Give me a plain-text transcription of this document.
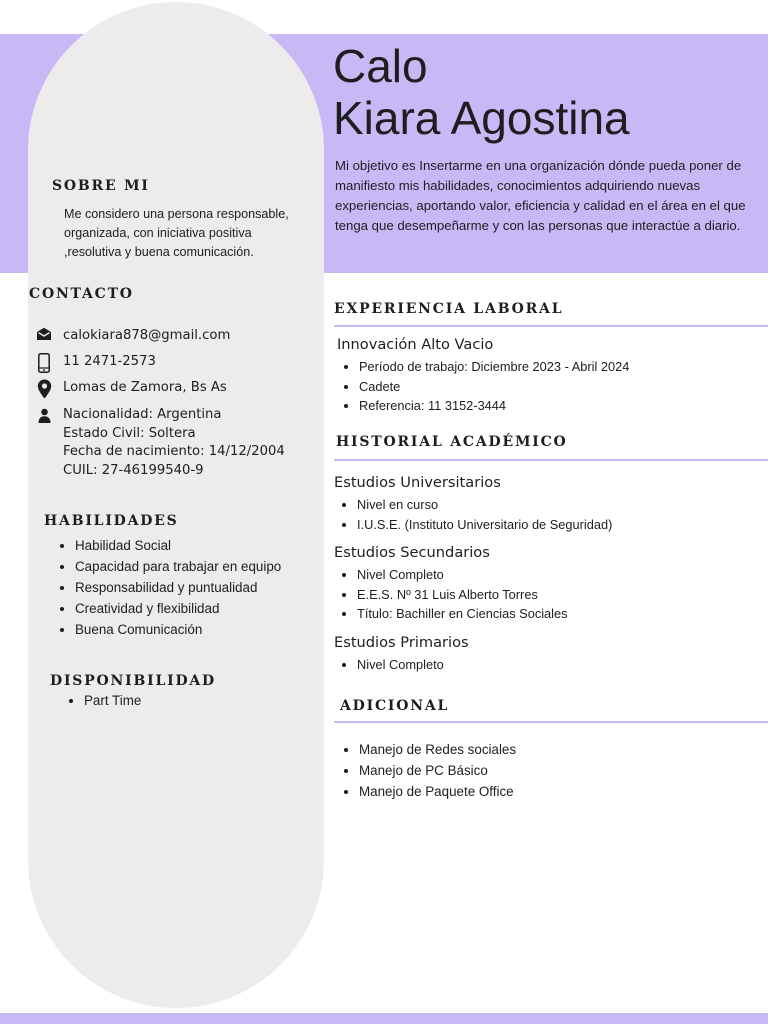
Calo
Kiara Agostina

Mi objetivo es Insertarme en una organización dónde pueda poner de manifiesto mis habilidades, conocimientos adquiriendo nuevas experiencias, aportando valor, eficiencia y calidad en el área en el que tenga que desempeñarme y con las personas que interactúe a diario.

SOBRE MI

Me considero una persona responsable, organizada, con iniciativa positiva ,resolutiva y buena comunicación.

CONTACTO
calokiara878@gmail.com
11 2471-2573
Lomas de Zamora, Bs As
Nacionalidad: Argentina
Estado Civil: Soltera
Fecha de nacimiento: 14/12/2004
CUIL: 27-46199540-9
HABILIDADES
• Habilidad Social
• Capacidad para trabajar en equipo
• Responsabilidad y puntualidad
• Creatividad y flexibilidad
• Buena Comunicación
DISPONIBILIDAD
• Part Time
EXPERIENCIA LABORAL
Innovación Alto Vacio
• Período de trabajo: Diciembre 2023 - Abril 2024
• Cadete
• Referencia: 11 3152-3444
HISTORIAL ACADÉMICO
Estudios Universitarios
• Nivel en curso
• I.U.S.E. (Instituto Universitario de Seguridad)
Estudios Secundarios
• Nivel Completo
• E.E.S. Nº 31 Luis Alberto Torres
• Título: Bachiller en Ciencias Sociales
Estudios Primarios
• Nivel Completo
ADICIONAL
• Manejo de Redes sociales
• Manejo de PC Básico
• Manejo de Paquete Office
